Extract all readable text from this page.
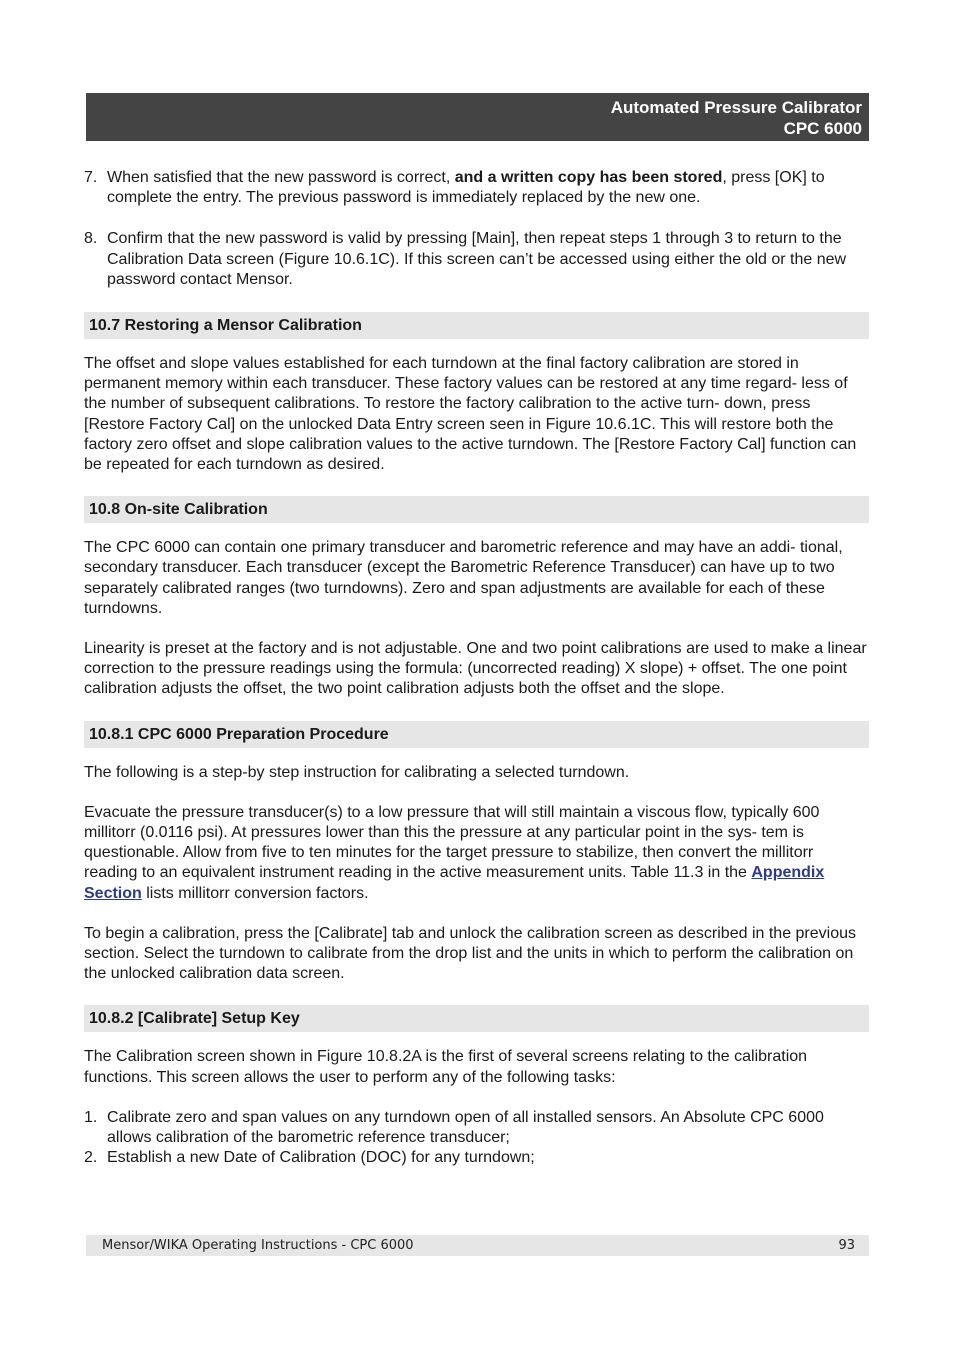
Automated Pressure Calibrator
CPC 6000
7. When satisfied that the new password is correct, and a written copy has been stored, press [OK] to complete the entry. The previous password is immediately replaced by the new one.
8. Confirm that the new password is valid by pressing [Main], then repeat steps 1 through 3 to return to the Calibration Data screen (Figure 10.6.1C). If this screen can’t be accessed using either the old or the new password contact Mensor.
10.7 Restoring a Mensor Calibration

The offset and slope values established for each turndown at the final factory calibration are stored in permanent memory within each transducer. These factory values can be restored at any time regard- less of the number of subsequent calibrations. To restore the factory calibration to the active turn- down, press [Restore Factory Cal] on the unlocked Data Entry screen seen in Figure 10.6.1C. This will restore both the factory zero offset and slope calibration values to the active turndown. The [Restore Factory Cal] function can be repeated for each turndown as desired.

10.8 On-site Calibration

The CPC 6000 can contain one primary transducer and barometric reference and may have an addi- tional, secondary transducer. Each transducer (except the Barometric Reference Transducer) can have up to two separately calibrated ranges (two turndowns). Zero and span adjustments are available for each of these turndowns.

Linearity is preset at the factory and is not adjustable. One and two point calibrations are used to make a linear correction to the pressure readings using the formula: (uncorrected reading) X slope) + offset. The one point calibration adjusts the offset, the two point calibration adjusts both the offset and the slope.

10.8.1 CPC 6000 Preparation Procedure

The following is a step-by step instruction for calibrating a selected turndown.

Evacuate the pressure transducer(s) to a low pressure that will still maintain a viscous flow, typically 600 millitorr (0.0116 psi). At pressures lower than this the pressure at any particular point in the sys- tem is questionable. Allow from five to ten minutes for the target pressure to stabilize, then convert the millitorr reading to an equivalent instrument reading in the active measurement units. Table 11.3 in the Appendix Section lists millitorr conversion factors.

To begin a calibration, press the [Calibrate] tab and unlock the calibration screen as described in the previous section. Select the turndown to calibrate from the drop list and the units in which to perform the calibration on the unlocked calibration data screen.

10.8.2 [Calibrate] Setup Key

The Calibration screen shown in Figure 10.8.2A is the first of several screens relating to the calibration functions. This screen allows the user to perform any of the following tasks:

1. Calibrate zero and span values on any turndown open of all installed sensors. An Absolute CPC 6000 allows calibration of the barometric reference transducer;
2. Establish a new Date of Calibration (DOC) for any turndown;
Mensor/WIKA Operating Instructions - CPC 6000	93
